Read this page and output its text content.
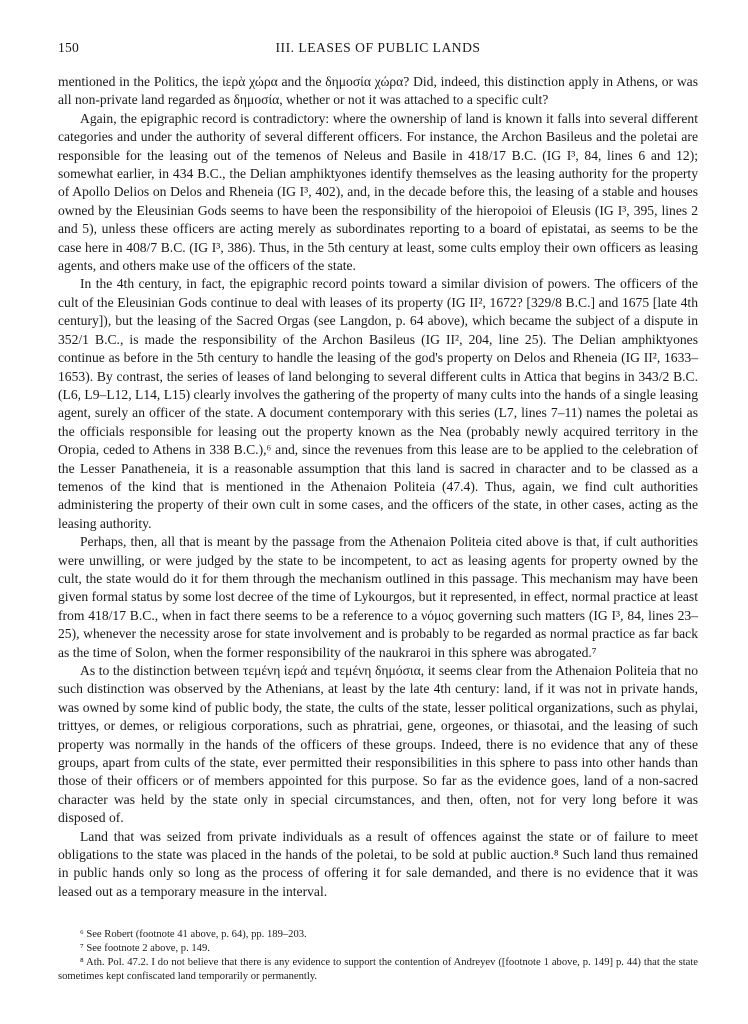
150	III. LEASES OF PUBLIC LANDS

mentioned in the Politics, the ἱερὰ χώρα and the δημοσία χώρα? Did, indeed, this distinction apply in Athens, or was all non-private land regarded as δημοσία, whether or not it was attached to a specific cult?

Again, the epigraphic record is contradictory: where the ownership of land is known it falls into several different categories and under the authority of several different officers. For instance, the Archon Basileus and the poletai are responsible for the leasing out of the temenos of Neleus and Basile in 418/17 B.C. (IG I³, 84, lines 6 and 12); somewhat earlier, in 434 B.C., the Delian amphiktyones identify themselves as the leasing authority for the property of Apollo Delios on Delos and Rheneia (IG I³, 402), and, in the decade before this, the leasing of a stable and houses owned by the Eleusinian Gods seems to have been the responsibility of the hieropoioi of Eleusis (IG I³, 395, lines 2 and 5), unless these officers are acting merely as subordinates reporting to a board of epistatai, as seems to be the case here in 408/7 B.C. (IG I³, 386). Thus, in the 5th century at least, some cults employ their own officers as leasing agents, and others make use of the officers of the state.

In the 4th century, in fact, the epigraphic record points toward a similar division of powers. The officers of the cult of the Eleusinian Gods continue to deal with leases of its property (IG II², 1672? [329/8 B.C.] and 1675 [late 4th century]), but the leasing of the Sacred Orgas (see Langdon, p. 64 above), which became the subject of a dispute in 352/1 B.C., is made the responsibility of the Archon Basileus (IG II², 204, line 25). The Delian amphiktyones continue as before in the 5th century to handle the leasing of the god's property on Delos and Rheneia (IG II², 1633–1653). By contrast, the series of leases of land belonging to several different cults in Attica that begins in 343/2 B.C. (L6, L9–L12, L14, L15) clearly involves the gathering of the property of many cults into the hands of a single leasing agent, surely an officer of the state. A document contemporary with this series (L7, lines 7–11) names the poletai as the officials responsible for leasing out the property known as the Nea (probably newly acquired territory in the Oropia, ceded to Athens in 338 B.C.),⁶ and, since the revenues from this lease are to be applied to the celebration of the Lesser Panatheneia, it is a reasonable assumption that this land is sacred in character and to be classed as a temenos of the kind that is mentioned in the Athenaion Politeia (47.4). Thus, again, we find cult authorities administering the property of their own cult in some cases, and the officers of the state, in other cases, acting as the leasing authority.

Perhaps, then, all that is meant by the passage from the Athenaion Politeia cited above is that, if cult authorities were unwilling, or were judged by the state to be incompetent, to act as leasing agents for property owned by the cult, the state would do it for them through the mechanism outlined in this passage. This mechanism may have been given formal status by some lost decree of the time of Lykourgos, but it represented, in effect, normal practice at least from 418/17 B.C., when in fact there seems to be a reference to a νόμος governing such matters (IG I³, 84, lines 23–25), whenever the necessity arose for state involvement and is probably to be regarded as normal practice as far back as the time of Solon, when the former responsibility of the naukraroi in this sphere was abrogated.⁷

As to the distinction between τεμένη ἱερά and τεμένη δημόσια, it seems clear from the Athenaion Politeia that no such distinction was observed by the Athenians, at least by the late 4th century: land, if it was not in private hands, was owned by some kind of public body, the state, the cults of the state, lesser political organizations, such as phylai, trittyes, or demes, or religious corporations, such as phratriai, gene, orgeones, or thiasotai, and the leasing of such property was normally in the hands of the officers of these groups. Indeed, there is no evidence that any of these groups, apart from cults of the state, ever permitted their responsibilities in this sphere to pass into other hands than those of their officers or of members appointed for this purpose. So far as the evidence goes, land of a non-sacred character was held by the state only in special circumstances, and then, often, not for very long before it was disposed of.

Land that was seized from private individuals as a result of offences against the state or of failure to meet obligations to the state was placed in the hands of the poletai, to be sold at public auction.⁸ Such land thus remained in public hands only so long as the process of offering it for sale demanded, and there is no evidence that it was leased out as a temporary measure in the interval.

⁶ See Robert (footnote 41 above, p. 64), pp. 189–203.

⁷ See footnote 2 above, p. 149.

⁸ Ath. Pol. 47.2. I do not believe that there is any evidence to support the contention of Andreyev ([footnote 1 above, p. 149] p. 44) that the state sometimes kept confiscated land temporarily or permanently.
